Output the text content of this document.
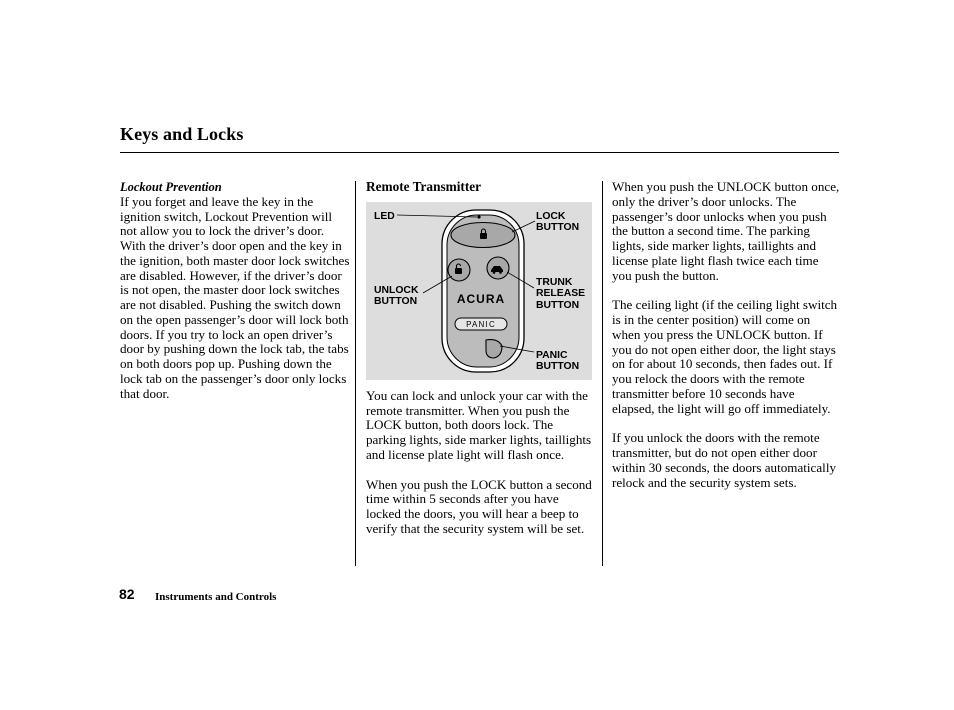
Keys and Locks
Lockout Prevention

If you forget and leave the key in the ignition switch, Lockout Prevention will not allow you to lock the driver’s door. With the driver’s door open and the key in the ignition, both master door lock switches are disabled. However, if the driver’s door is not open, the master door lock switches are not disabled. Pushing the switch down on the open passenger’s door will lock both doors. If you try to lock an open driver’s door by pushing down the lock tab, the tabs on both doors pop up. Pushing down the lock tab on the passenger’s door only locks that door.

Remote Transmitter
ACURA
PANIC
LED	LOCK
BUTTON
UNLOCK
BUTTON
TRUNK
RELEASE
BUTTON
PANIC
BUTTON

You can lock and unlock your car with the remote transmitter. When you push the LOCK button, both doors lock. The parking lights, side marker lights, taillights and license plate light will flash once.

When you push the LOCK button a second time within 5 seconds after you have locked the doors, you will hear a beep to verify that the security system will be set.

When you push the UNLOCK button once, only the driver’s door unlocks. The passenger’s door unlocks when you push the button a second time. The parking lights, side marker lights, taillights and license plate light flash twice each time you push the button.

The ceiling light (if the ceiling light switch is in the center position) will come on when you press the UNLOCK button. If you do not open either door, the light stays on for about 10 seconds, then fades out. If you relock the doors with the remote transmitter before 10 seconds have elapsed, the light will go off immediately.

If you unlock the doors with the remote transmitter, but do not open either door within 30 seconds, the doors automatically relock and the security system sets.

82 Instruments and Controls
